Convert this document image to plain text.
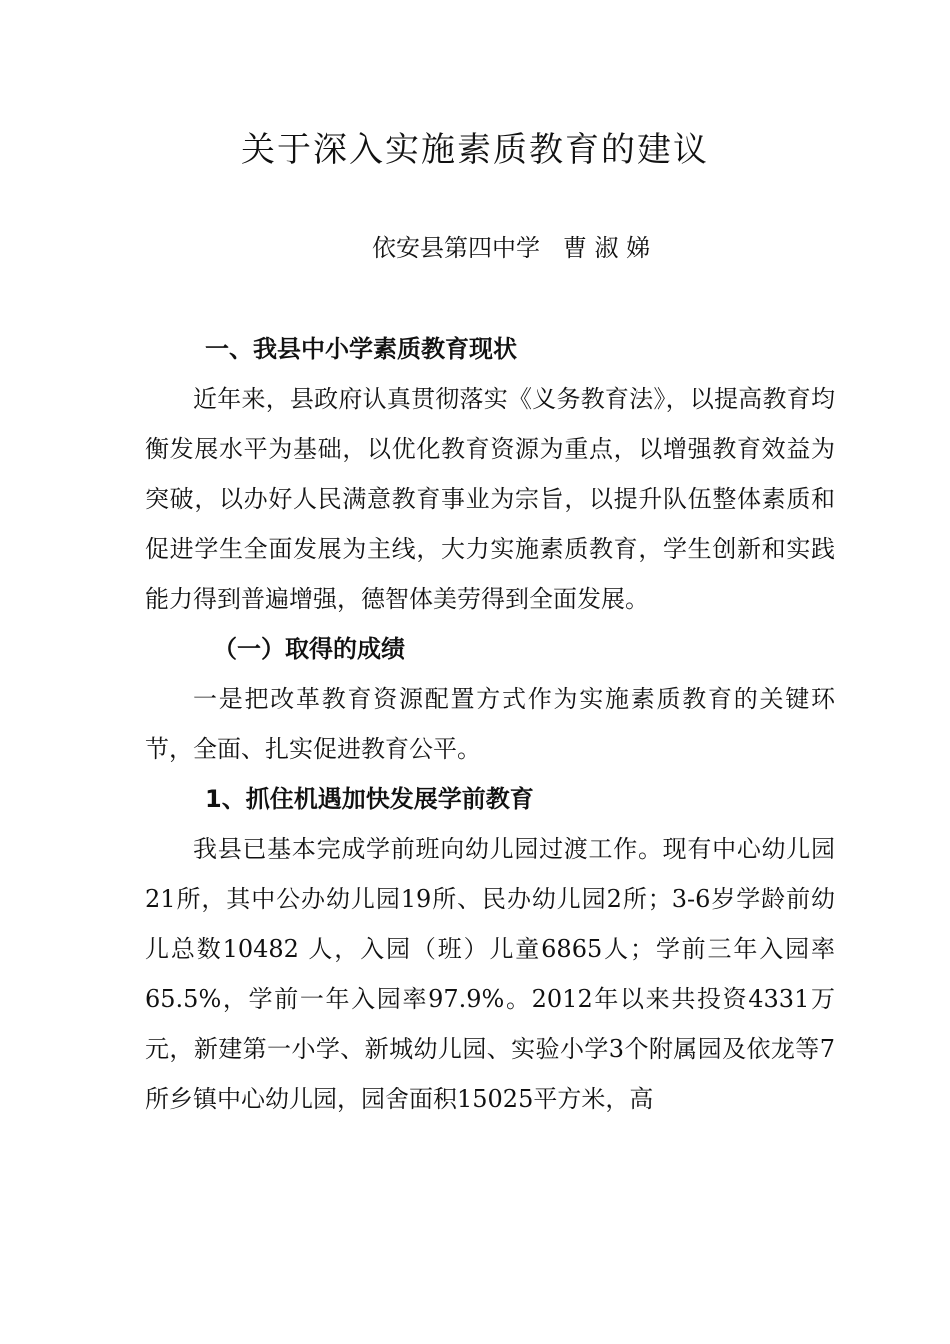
关于深入实施素质教育的建议
依安县第四中学   曹 淑 娣
一、我县中小学素质教育现状

近年来，县政府认真贯彻落实《义务教育法》，以提高教育均衡发展水平为基础，以优化教育资源为重点，以增强教育效益为突破，以办好人民满意教育事业为宗旨，以提升队伍整体素质和促进学生全面发展为主线，大力实施素质教育，学生创新和实践能力得到普遍增强，德智体美劳得到全面发展。

（一）取得的成绩

一是把改革教育资源配置方式作为实施素质教育的关键环节，全面、扎实促进教育公平。

1、抓住机遇加快发展学前教育

我县已基本完成学前班向幼儿园过渡工作。现有中心幼儿园21所，其中公办幼儿园19所、民办幼儿园2所；3-6岁学龄前幼儿总数10482 人，入园（班）儿童6865人；学前三年入园率65.5%，学前一年入园率97.9%。2012年以来共投资4331万元，新建第一小学、新城幼儿园、实验小学3个附属园及依龙等7所乡镇中心幼儿园，园舍面积15025平方米，高
